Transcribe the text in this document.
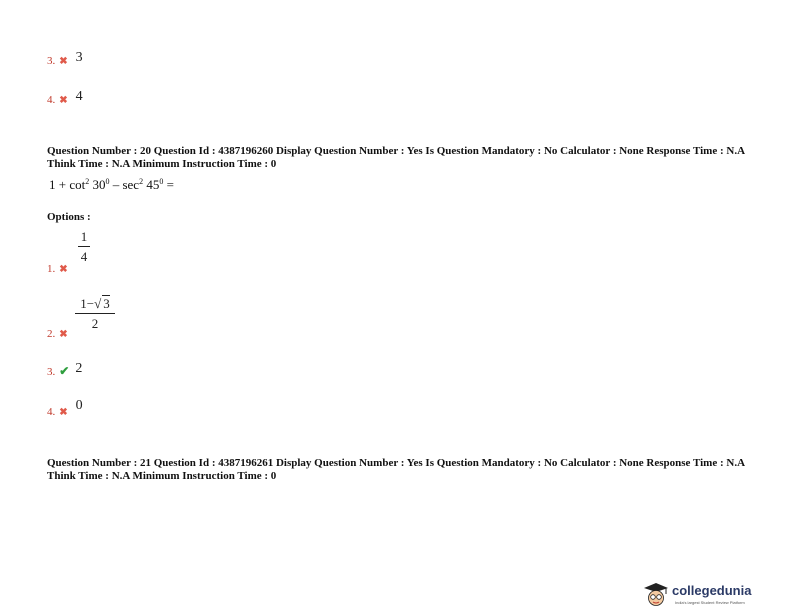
3. ✖ 3
4. ✖ 4
Question Number : 20 Question Id : 4387196260 Display Question Number : Yes Is Question Mandatory : No Calculator : None Response Time : N.A Think Time : N.A Minimum Instruction Time : 0
$1 + \cot^2 30^0 - \sec^2 45^0$ =
Options :
1. ✖
1
4
2. ✖
1−√ 3
2
3. ✔ 2
4. ✖ 0
Question Number : 21 Question Id : 4387196261 Display Question Number : Yes Is Question Mandatory : No Calculator : None Response Time : N.A Think Time : N.A Minimum Instruction Time : 0
collegedunia
India's largest Student Review Platform
